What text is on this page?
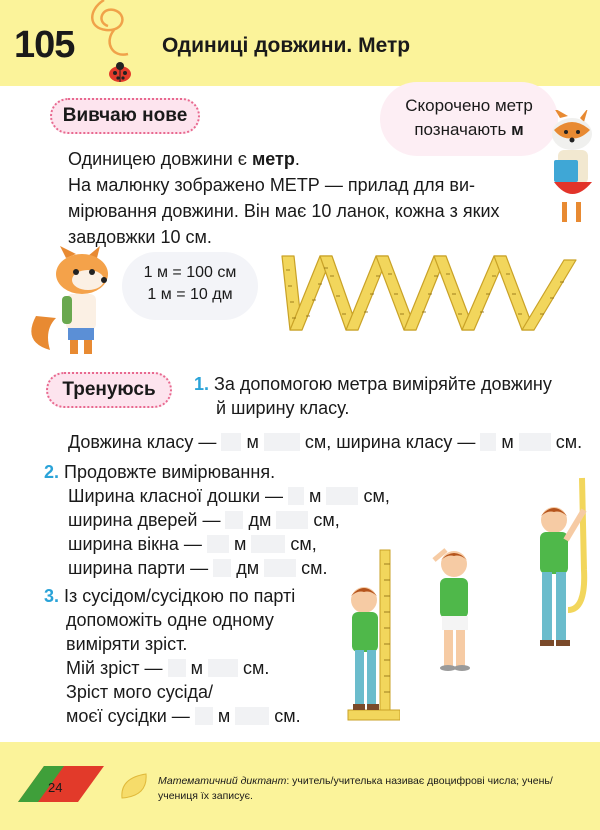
105	Одиниці довжини. Метр
Вивчаю нове	Скорочено метр
позначають м
Одиницею довжини є метр.
На малюнку зображено МЕТР — прилад для ви-
мірювання довжини. Він має 10 ланок, кожна з яких
завдовжки 10 см.
1 м = 100 см
1 м = 10 дм
Тренуюсь	1. За допомогою метра виміряйте довжину
й ширину класу.
Довжина класу — м	см, ширина класу — м см.
2. Продовжте вимірювання.
Ширина класної дошки — м см,
ширина дверей — дм см,
ширина вікна — м см,
ширина парти — дм см.
3. Із сусідом/сусідкою по парті
допоможіть одне одному
виміряти зріст.
Мій зріст — м см.
Зріст мого сусіда/
моєї сусідки — м см.
24	Математичний диктант: учитель/учителька називає двоцифрові числа; учень/учениця їх записує.
